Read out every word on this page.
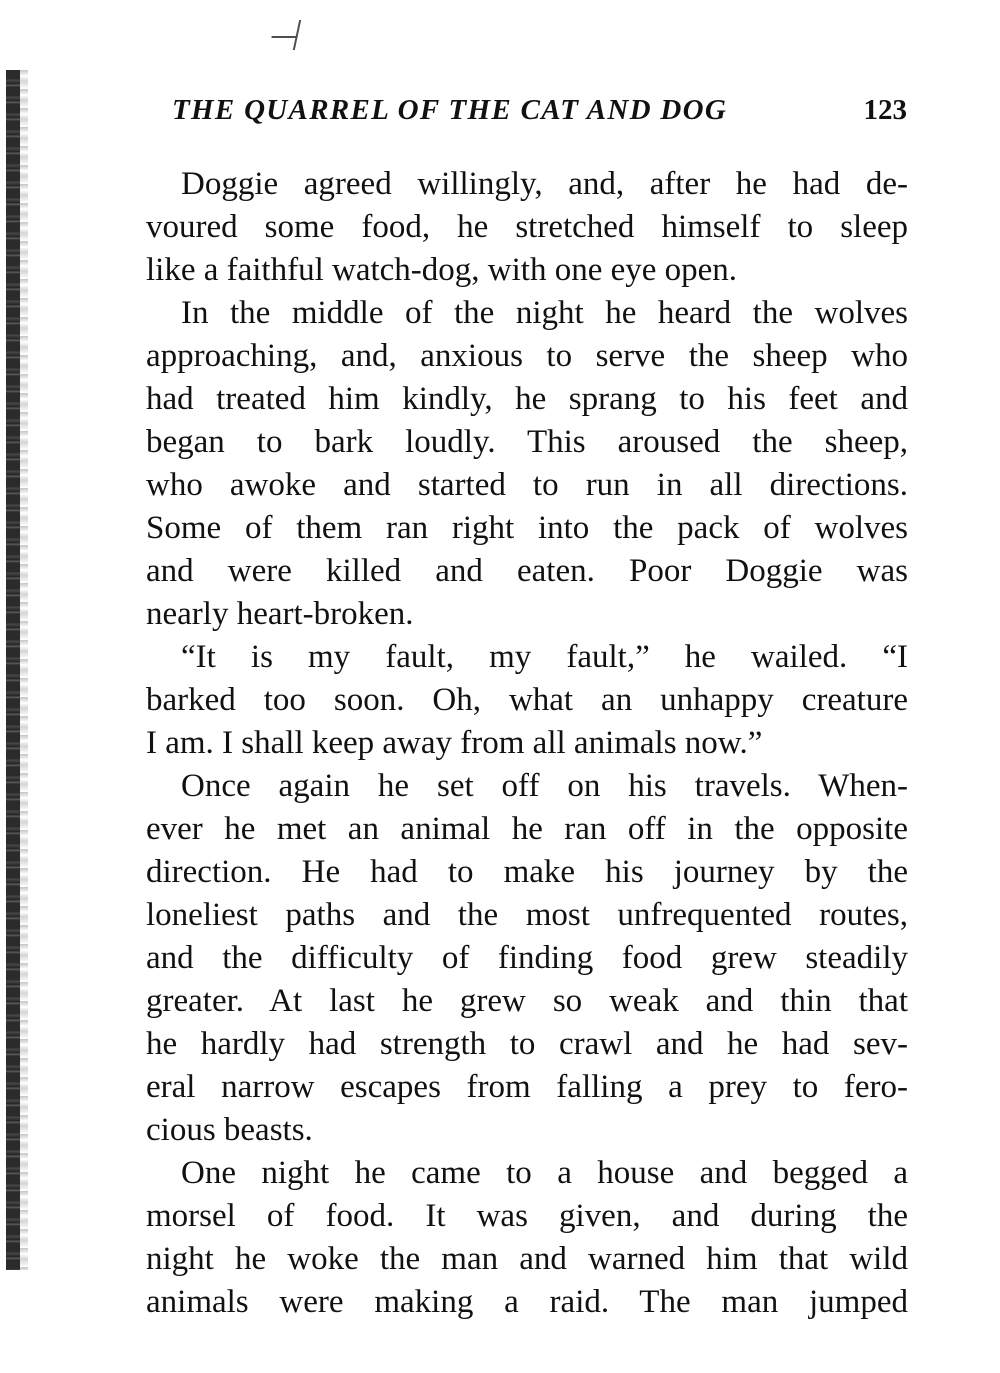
THE QUARREL OF THE CAT AND DOG	123
Doggie agreed willingly, and, after he had de-
voured some food, he stretched himself to sleep
like a faithful watch-dog, with one eye open.
In the middle of the night he heard the wolves
approaching, and, anxious to serve the sheep who
had treated him kindly, he sprang to his feet and
began to bark loudly. This aroused the sheep,
who awoke and started to run in all directions.
Some of them ran right into the pack of wolves
and were killed and eaten. Poor Doggie was
nearly heart-broken.
“It is my fault, my fault,” he wailed. “I
barked too soon. Oh, what an unhappy creature
I am. I shall keep away from all animals now.”
Once again he set off on his travels. When-
ever he met an animal he ran off in the opposite
direction. He had to make his journey by the
loneliest paths and the most unfrequented routes,
and the difficulty of finding food grew steadily
greater. At last he grew so weak and thin that
he hardly had strength to crawl and he had sev-
eral narrow escapes from falling a prey to fero-
cious beasts.
One night he came to a house and begged a
morsel of food. It was given, and during the
night he woke the man and warned him that wild
animals were making a raid. The man jumped
